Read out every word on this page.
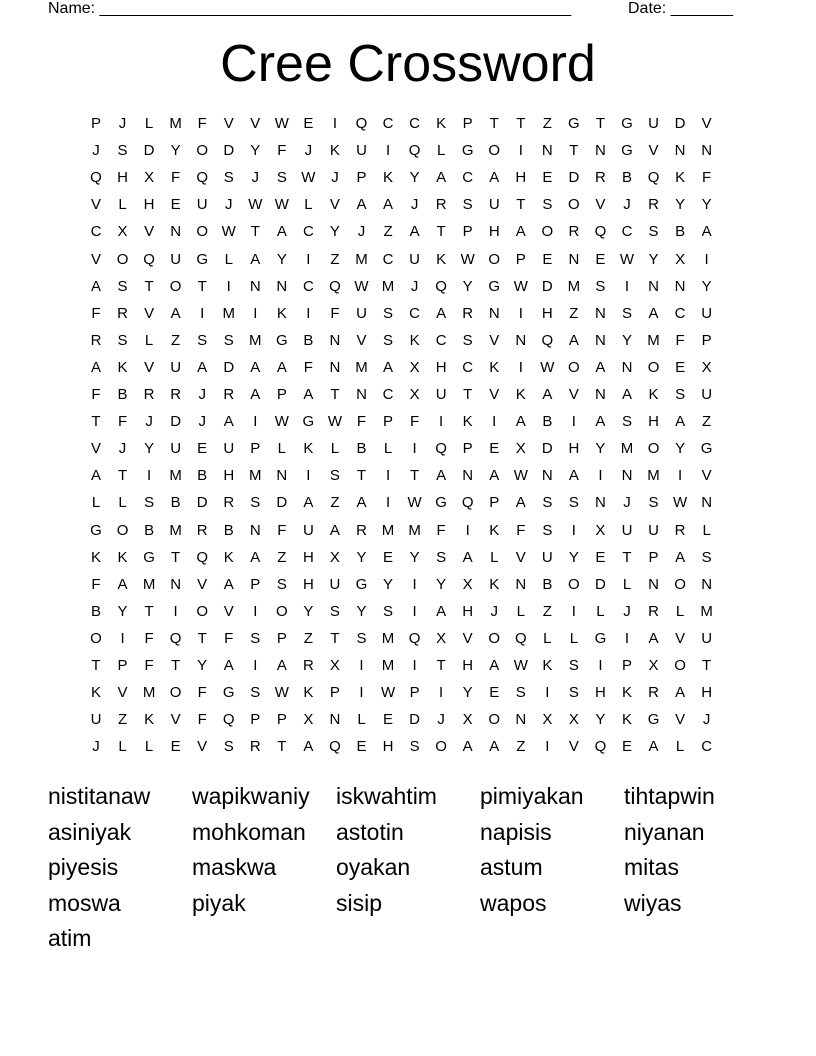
Name: _____________________________________________________	Date: _______
Cree Crossword
P	J	L	M	F	V	V W E	I	Q	C	C	K	P	T	T	Z	G	T	G	U	D	V
J	S	D	Y	O	D	Y	F	J	K	U	I	Q	L	G O	I	N	T	N	G	V	N	N
Q	H	X	F	Q	S	J	S W	J	P	K	Y	A	C	A	H	E	D	R	B	Q	K	F
V	L	H	E	U	J	W W	L	V	A	A	J	R	S	U	T	S	O	V	J	R	Y	Y
C	X	V	N	O W T	A	C	Y	J	Z	A	T	P	H	A	O	R	Q	C	S	B	A
V	O Q	U	G	L	A	Y	I	Z	M C	U	K W O	P	E	N	E W Y	X	I
A	S	T	O	T	I	N	N	C	Q W M	J	Q	Y	G W D M	S	I	N	N	Y
F	R	V	A	I	M	I	K	I	F	U	S	C	A	R	N	I	H	Z	N	S	A	C	U
R	S	L	Z	S	S	M G	B	N	V	S	K	C	S	V	N	Q	A	N	Y	M	F	P
A	K	V	U	A	D	A	A	F	N M	A	X	H	C	K	I	W O	A	N	O	E	X
F	B	R	R	J	R	A	P	A	T	N	C	X	U	T	V	K	A	V	N	A	K	S	U
T	F	J	D	J	A	I	W G W F	P	F	I	K	I	A	B	I	A	S	H	A	Z
V	J	Y	U	E	U	P	L	K	L	B	L	I	Q	P	E	X	D	H	Y	M O	Y	G
A	T	I	M	B	H M N	I	S	T	I	T	A	N	A W N	A	I	N M	I	V
L	L	S	B	D	R	S	D	A	Z	A	I	W G Q	P	A	S	S	N	J	S W N
G O	B	M R	B	N	F	U	A	R M M	F	I	K	F	S	I	X	U	U	R	L
K	K	G	T	Q	K	A	Z	H	X	Y	E	Y	S	A	L	V	U	Y	E	T	P	A	S
F	A	M N	V	A	P	S	H	U	G	Y	I	Y	X	K	N	B	O	D	L	N	O	N
B	Y	T	I	O	V	I	O	Y	S	Y	S	I	A	H	J	L	Z	I	L	J	R	L	M
O	I	F	Q	T	F	S	P	Z	T	S	M Q	X	V	O Q	L	L	G	I	A	V	U
T	P	F	T	Y	A	I	A	R	X	I	M	I	T	H	A W K	S	I	P	X	O	T
K	V	M O	F	G	S W K	P	I	W P	I	Y	E	S	I	S	H	K	R	A	H
U	Z	K	V	F	Q	P	P	X	N	L	E	D	J	X	O	N	X	X	Y	K	G	V	J
J	L	L	E	V	S	R	T	A	Q	E	H	S	O	A	A	Z	I	V	Q	E	A	L	C
nistitanaw	wapikwaniy	iskwahtim	pimiyakan	tihtapwin
asiniyak	mohkoman	astotin	napisis	niyanan
piyesis	maskwa	oyakan	astum	mitas
moswa	piyak	sisip	wapos	wiyas
atim
